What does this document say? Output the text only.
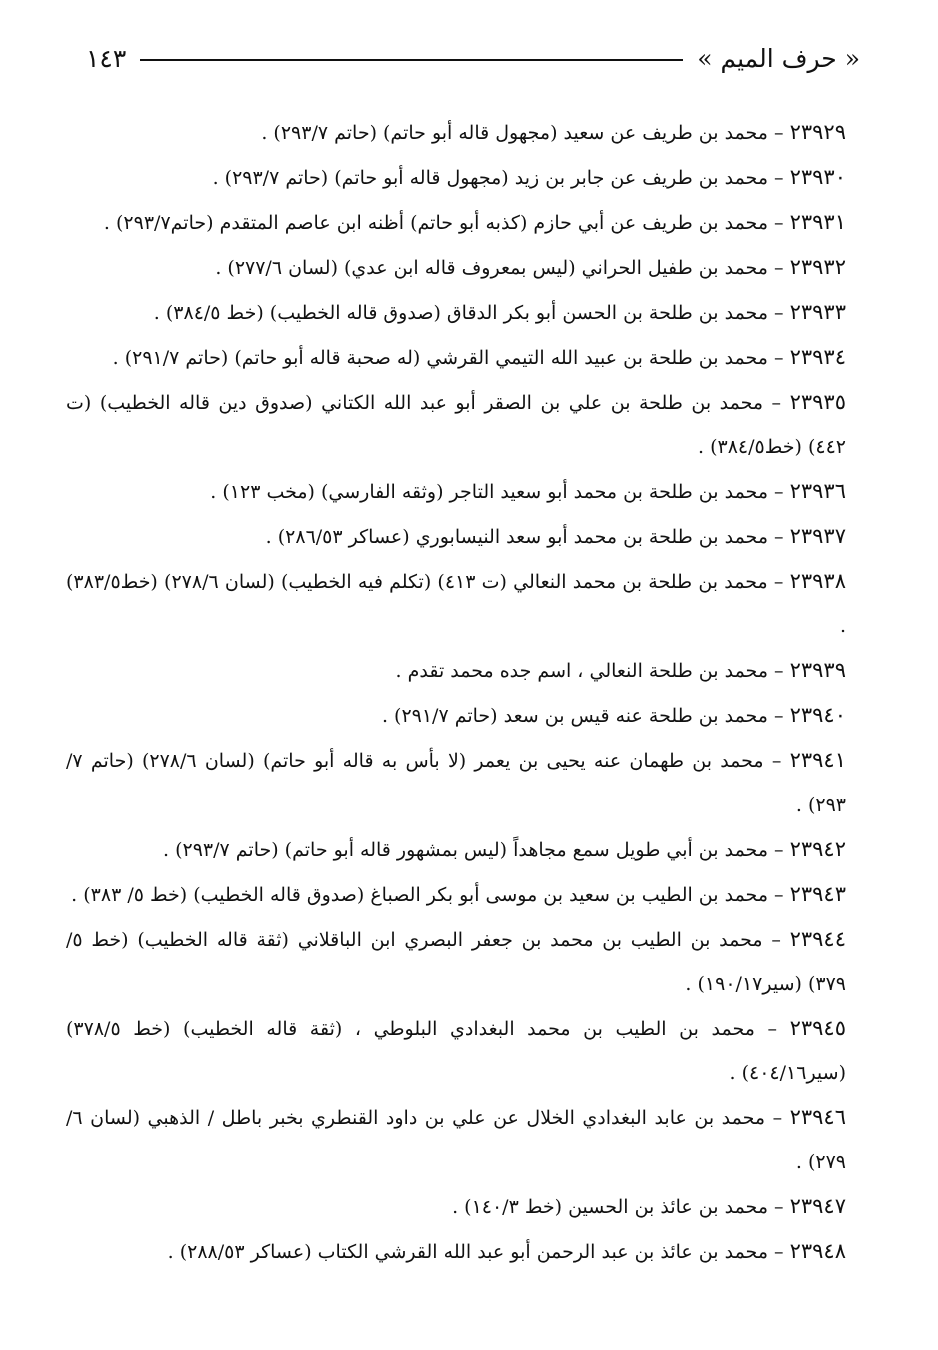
« حرف الميم »
١٤٣

٢٣٩٢٩ – محمد بن طريف عن سعيد (مجهول قاله أبو حاتم) (حاتم ٢٩٣/٧) .

٢٣٩٣٠ – محمد بن طريف عن جابر بن زيد (مجهول قاله أبو حاتم) (حاتم ٢٩٣/٧) .

٢٣٩٣١ – محمد بن طريف عن أبي حازم (كذبه أبو حاتم) أظنه ابن عاصم المتقدم (حاتم٢٩٣/٧) .

٢٣٩٣٢ – محمد بن طفيل الحراني (ليس بمعروف قاله ابن عدي) (لسان ٢٧٧/٦) .

٢٣٩٣٣ – محمد بن طلحة بن الحسن أبو بكر الدقاق (صدوق قاله الخطيب) (خط ٣٨٤/٥) .

٢٣٩٣٤ – محمد بن طلحة بن عبيد الله التيمي القرشي (له صحبة قاله أبو حاتم) (حاتم ٢٩١/٧) .

٢٣٩٣٥ – محمد بن طلحة بن علي بن الصقر أبو عبد الله الكتاني (صدوق دين قاله الخطيب) (ت ٤٤٢) (خط٣٨٤/٥) .

٢٣٩٣٦ – محمد بن طلحة بن محمد أبو سعيد التاجر (وثقه الفارسي) (مخب ١٢٣) .

٢٣٩٣٧ – محمد بن طلحة بن محمد أبو سعد النيسابوري (عساكر ٢٨٦/٥٣) .

٢٣٩٣٨ – محمد بن طلحة بن محمد النعالي (ت ٤١٣) (تكلم فيه الخطيب) (لسان ٢٧٨/٦) (خط٣٨٣/٥) .

٢٣٩٣٩ – محمد بن طلحة النعالي ، اسم جده محمد تقدم .

٢٣٩٤٠ – محمد بن طلحة عنه قيس بن سعد (حاتم ٢٩١/٧) .

٢٣٩٤١ – محمد بن طهمان عنه يحيى بن يعمر (لا بأس به قاله أبو حاتم) (لسان ٢٧٨/٦) (حاتم ٧/ ٢٩٣) .

٢٣٩٤٢ – محمد بن أبي طويل سمع مجاهداً (ليس بمشهور قاله أبو حاتم) (حاتم ٢٩٣/٧) .

٢٣٩٤٣ – محمد بن الطيب بن سعيد بن موسى أبو بكر الصباغ (صدوق قاله الخطيب) (خط ٥/ ٣٨٣) .

٢٣٩٤٤ – محمد بن الطيب بن محمد بن جعفر البصري ابن الباقلاني (ثقة قاله الخطيب) (خط ٥/ ٣٧٩) (سير١٩٠/١٧) .

٢٣٩٤٥ – محمد بن الطيب بن محمد البغدادي البلوطي ، (ثقة قاله الخطيب) (خط ٣٧٨/٥) (سير٤٠٤/١٦) .

٢٣٩٤٦ – محمد بن عابد البغدادي الخلال عن علي بن داود القنطري بخبر باطل / الذهبي (لسان ٦/ ٢٧٩) .

٢٣٩٤٧ – محمد بن عائذ بن الحسين (خط ١٤٠/٣) .

٢٣٩٤٨ – محمد بن عائذ بن عبد الرحمن أبو عبد الله القرشي الكتاب (عساكر ٢٨٨/٥٣) .
